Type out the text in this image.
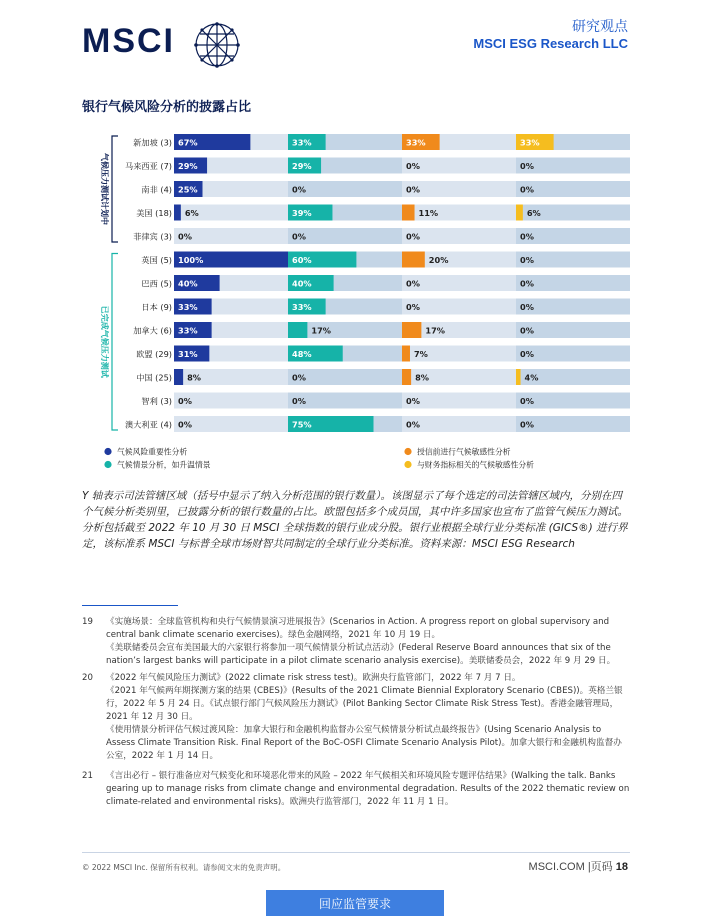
MSCI	研究观点
MSCI ESG Research LLC
银行气候风险分析的披露占比
新加坡 (3) 67%	33%	33%	33%
马来西亚 (7) 29%	29%	0%	0%
南非 (4) 25%	0%	0%	0%
美国 (18) 6%	39%	11%	6%
菲律宾 (3) 0%	0%	0%	0%
英国 (5) 100%	60%	20%	0%
巴西 (5) 40%	40%	0%	0%
日本 (9) 33%	33%	0%	0%
加拿大 (6) 33%	17%	17%	0%
欧盟 (29) 31%	48%	7%	0%
中国 (25) 8%	0%	8%	4%
智利 (3) 0%	0%	0%	0%
澳大利亚 (4) 0%	75%	0%	0%
气候压力测试计划中
已完成气候压力测试
气候风险重要性分析
气候情景分析，如升温情景
授信前进行气候敏感性分析
与财务指标相关的气候敏感性分析
Y 轴表示司法管辖区域（括号中显示了纳入分析范围的银行数量）。该图显示了每个选定的司法管辖区域内，分别在四个气候分析类别里，已披露分析的银行数量的占比。欧盟包括多个成员国，其中许多国家也宣布了监管气候压力测试。分析包括截至 2022 年 10 月 30 日 MSCI 全球指数的银行业成分股。银行业根据全球行业分类标准 (GICS®) 进行界定，该标准系 MSCI 与标普全球市场财智共同制定的全球行业分类标准。资料来源：MSCI ESG Research
19 《实施场景：全球监管机构和央行气候情景演习进展报告》(Scenarios in Action. A progress report on global supervisory and central bank climate scenario exercises)。绿色金融网络，2021 年 10 月 19 日。

《美联储委员会宣布美国最大的六家银行将参加一项气候情景分析试点活动》(Federal Reserve Board announces that six of the nation’s largest banks will participate in a pilot climate scenario analysis exercise)。美联储委员会，2022 年 9 月 29 日。

20 《2022 年气候风险压力测试》(2022 climate risk stress test)。欧洲央行监管部门，2022 年 7 月 7 日。

《2021 年气候两年期探测方案的结果 (CBES)》(Results of the 2021 Climate Biennial Exploratory Scenario (CBES))。英格兰银行，2022 年 5 月 24 日。《试点银行部门气候风险压力测试》(Pilot Banking Sector Climate Risk Stress Test)。香港金融管理局，2021 年 12 月 30 日。

《使用情景分析评估气候过渡风险：加拿大银行和金融机构监督办公室气候情景分析试点最终报告》(Using Scenario Analysis to Assess Climate Transition Risk. Final Report of the BoC-OSFI Climate Scenario Analysis Pilot)。加拿大银行和金融机构监督办公室，2022 年 1 月 14 日。

21 《言出必行 – 银行准备应对气候变化和环境恶化带来的风险 – 2022 年气候相关和环境风险专题评估结果》(Walking the talk. Banks gearing up to manage risks from climate change and environmental degradation. Results of the 2022 thematic review on climate-related and environmental risks)。欧洲央行监管部门，2022 年 11 月 1 日。

© 2022 MSCI Inc. 保留所有权利。请参阅文末的免责声明。	MSCI.COM |页码 18
回应监管要求
